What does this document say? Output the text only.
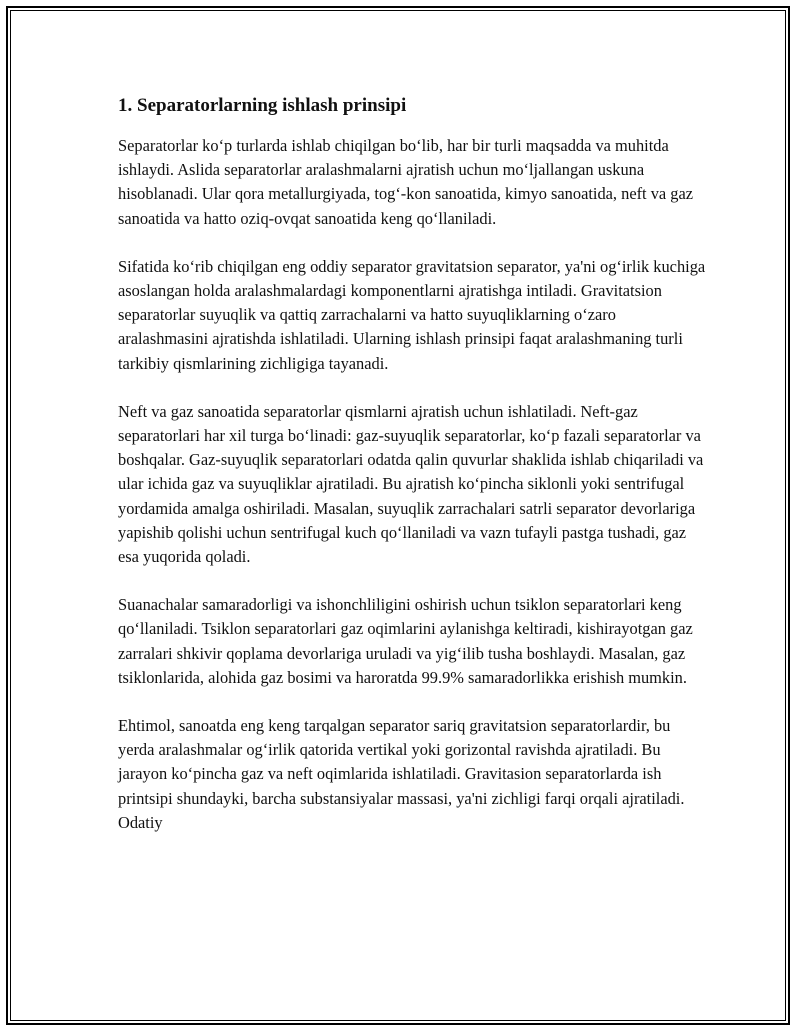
1. Separatorlarning ishlash prinsipi

Separatorlar ko‘p turlarda ishlab chiqilgan bo‘lib, har bir turli maqsadda va muhitda ishlaydi. Aslida separatorlar aralashmalarni ajratish uchun mo‘ljallangan uskuna hisoblanadi. Ular qora metallurgiyada, tog‘-kon sanoatida, kimyo sanoatida, neft va gaz sanoatida va hatto oziq-ovqat sanoatida keng qo‘llaniladi.

Sifatida ko‘rib chiqilgan eng oddiy separator gravitatsion separator, ya'ni og‘irlik kuchiga asoslangan holda aralashmalardagi komponentlarni ajratishga intiladi. Gravitatsion separatorlar suyuqlik va qattiq zarrachalarni va hatto suyuqliklarning o‘zaro aralashmasini ajratishda ishlatiladi. Ularning ishlash prinsipi faqat aralashmaning turli tarkibiy qismlarining zichligiga tayanadi.

Neft va gaz sanoatida separatorlar qismlarni ajratish uchun ishlatiladi. Neft-gaz separatorlari har xil turga bo‘linadi: gaz-suyuqlik separatorlar, ko‘p fazali separatorlar va boshqalar. Gaz-suyuqlik separatorlari odatda qalin quvurlar shaklida ishlab chiqariladi va ular ichida gaz va suyuqliklar ajratiladi. Bu ajratish ko‘pincha siklonli yoki sentrifugal yordamida amalga oshiriladi. Masalan, suyuqlik zarrachalari satrli separator devorlariga yapishib qolishi uchun sentrifugal kuch qo‘llaniladi va vazn tufayli pastga tushadi, gaz esa yuqorida qoladi.

Suanachalar samaradorligi va ishonchliligini oshirish uchun tsiklon separatorlari keng qo‘llaniladi. Tsiklon separatorlari gaz oqimlarini aylanishga keltiradi, kishirayotgan gaz zarralari shkivir qoplama devorlariga uruladi va yig‘ilib tusha boshlaydi. Masalan, gaz tsiklonlarida, alohida gaz bosimi va haroratda 99.9% samaradorlikka erishish mumkin.

Ehtimol, sanoatda eng keng tarqalgan separator sariq gravitatsion separatorlardir, bu yerda aralashmalar og‘irlik qatorida vertikal yoki gorizontal ravishda ajratiladi. Bu jarayon ko‘pincha gaz va neft oqimlarida ishlatiladi. Gravitasion separatorlarda ish printsipi shundayki, barcha substansiyalar massasi, ya'ni zichligi farqi orqali ajratiladi. Odatiy
